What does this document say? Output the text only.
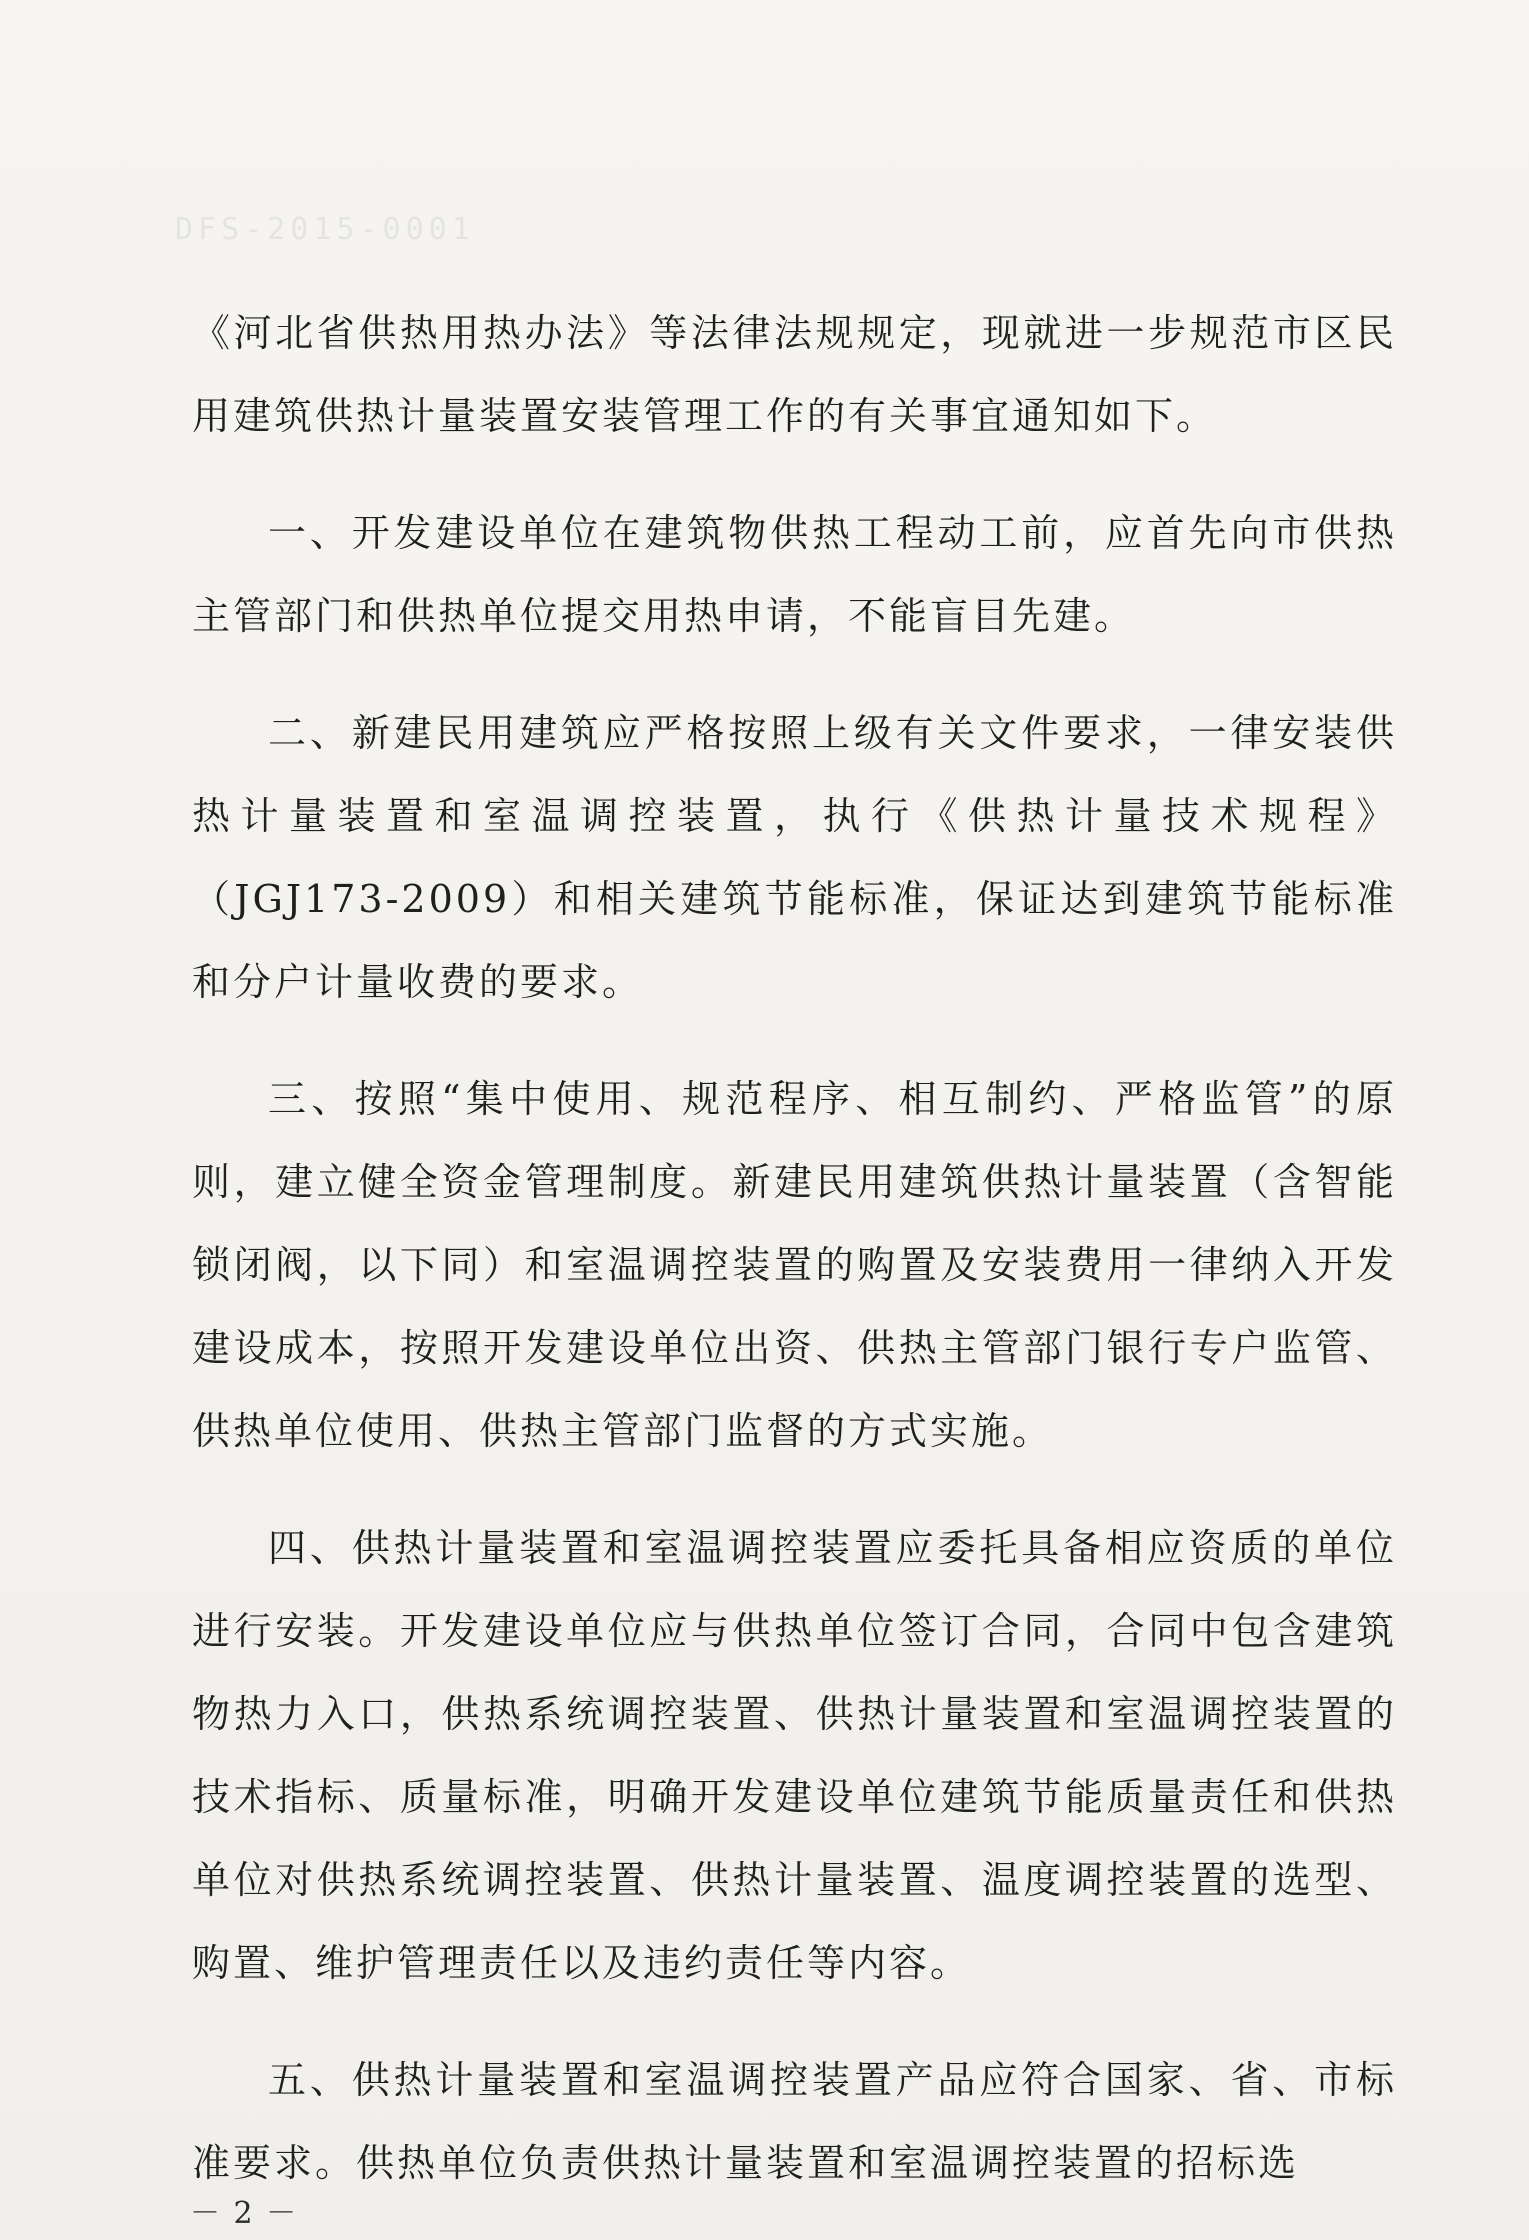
DFS-2015-0001

《河北省供热用热办法》等法律法规规定，现就进一步规范市区民用建筑供热计量装置安装管理工作的有关事宜通知如下。

一、开发建设单位在建筑物供热工程动工前，应首先向市供热主管部门和供热单位提交用热申请，不能盲目先建。

二、新建民用建筑应严格按照上级有关文件要求，一律安装供热计量装置和室温调控装置，执行《供热计量技术规程》（JGJ173-2009）和相关建筑节能标准，保证达到建筑节能标准和分户计量收费的要求。

三、按照“集中使用、规范程序、相互制约、严格监管”的原则，建立健全资金管理制度。新建民用建筑供热计量装置（含智能锁闭阀，以下同）和室温调控装置的购置及安装费用一律纳入开发建设成本，按照开发建设单位出资、供热主管部门银行专户监管、供热单位使用、供热主管部门监督的方式实施。

四、供热计量装置和室温调控装置应委托具备相应资质的单位进行安装。开发建设单位应与供热单位签订合同，合同中包含建筑物热力入口，供热系统调控装置、供热计量装置和室温调控装置的技术指标、质量标准，明确开发建设单位建筑节能质量责任和供热单位对供热系统调控装置、供热计量装置、温度调控装置的选型、购置、维护管理责任以及违约责任等内容。

五、供热计量装置和室温调控装置产品应符合国家、省、市标准要求。供热单位负责供热计量装置和室温调控装置的招标选

－ 2 －
